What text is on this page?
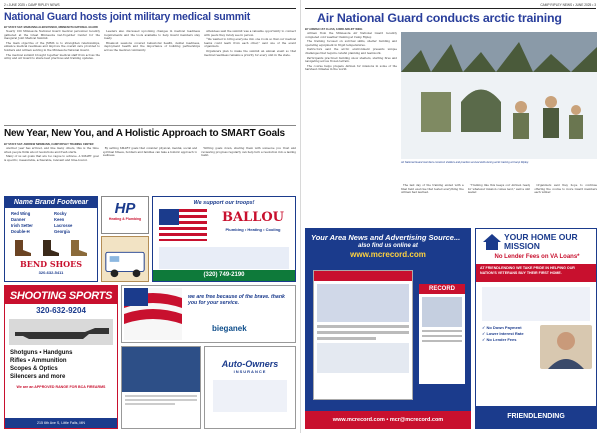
2 • JUNE 2025 • CAMP RIPLEY NEWS
National Guard hosts joint military medical summit
BY STAFF SGT. MARIANNA ALEKSIYENKO, MINNESOTA NATIONAL GUARD

Nearly 100 Minnesota National Guard medical personnel recently gathered at the Great Minnesota Get-Together Center for the inaugural Joint Medical Summit.

The main objective of the JMMS is to strengthen relationships, enhance medical readiness and improve the overall care provided to Soldiers and Airmen serving in the Minnesota National Guard.

The medical summit brought together medical staff from across the Army and Air Guard to share best practices and training updates.

Leaders also discussed upcoming changes in medical readiness requirements and the tools available to help Guard members stay ready.

Breakout sessions covered behavioral health, dental readiness, deployment health and the importance of building partnerships across the medical community.

Attendees said the summit was a valuable opportunity to connect with peers they rarely see in person.

“We wanted to bring everyone into one room so that our medical teams could learn from each other,” said one of the event organizers.

Organizers plan to make the summit an annual event so that medical readiness remains a priority for every unit in the state.

New Year, New You, and A Holistic Approach to SMART Goals
BY STAFF SGT. ANDREW NEWMANN, CAMP RIPLEY TRAINING CENTER

Another year has arrived, and like many others, this is the time when people think about resolutions and fresh starts.

Many of us set goals that are too vague to achieve. A SMART goal is specific, measurable, achievable, relevant and time-bound.

By setting SMART goals that consider physical, mental, social and spiritual fitness, Soldiers and families can take a holistic approach to wellness.

Writing goals down, sharing them with someone you trust and reviewing progress regularly can help turn a resolution into a lasting habit.

Name Brand Footwear
Red Wing	Rocky
Danner	Keen
Irish Setter	Lacrosse
Double-H	Georgia
BEND SHOES
320-632-5411
HP
Heating & Plumbing
We support our troops!
BALLOU
Plumbing • Heating • Cooling
(320) 749-2190
SHOOTING SPORTS
320-632-9204
Shotguns • Handguns
Rifles • Ammunition
Scopes & Optics
Silencers and more
We are an APPROVED RANGE FOR BCA FIREARMS
215 6th Ave S, Little Falls, MN
we are free because of the brave. thank you for your service.
bieganek
Auto-Owners
INSURANCE
CAMP RIPLEY NEWS • JUNE 2025 • 3
Air National Guard conducts arctic training
BY AIRMAN 1ST CLASS, 133RD AIRLIFT WING

Airmen from the Minnesota Air National Guard recently completed cold weather training at Camp Ripley.

The training focused on survival skills, shelter building and operating equipment in frigid temperatures.

Instructors said the arctic environment presents unique challenges that require careful planning and teamwork.

Participants practiced building snow shelters, starting fires and navigating across frozen terrain.

The course helps prepare Airmen for missions in some of the harshest climates in the world.

Air National Guard members construct shelters and practice survival skills during arctic training at Camp Ripley.

The last day of the training ended with a final field exercise that tested everything the Airmen had learned.

“Training like this keeps our Airmen ready for whatever mission comes next,” said a unit leader.

Organizers said they hope to continue offering the course to more Guard members each winter.

Your Area News and Advertising Source...
also find us online at
www.mcrecord.com
RECORD
www.mcrecord.com • mcr@mcrecord.com
YOUR HOME OUR MISSION
No Lender Fees on VA Loans*
AT FRIENDLENDING WE TAKE PRIDE IN HELPING OUR NATION'S VETERANS BUY THEIR FIRST HOME.
✓ No Down Payment
✓ Lower Interest Rate
✓ No Lender Fees
FRIENDLENDING
